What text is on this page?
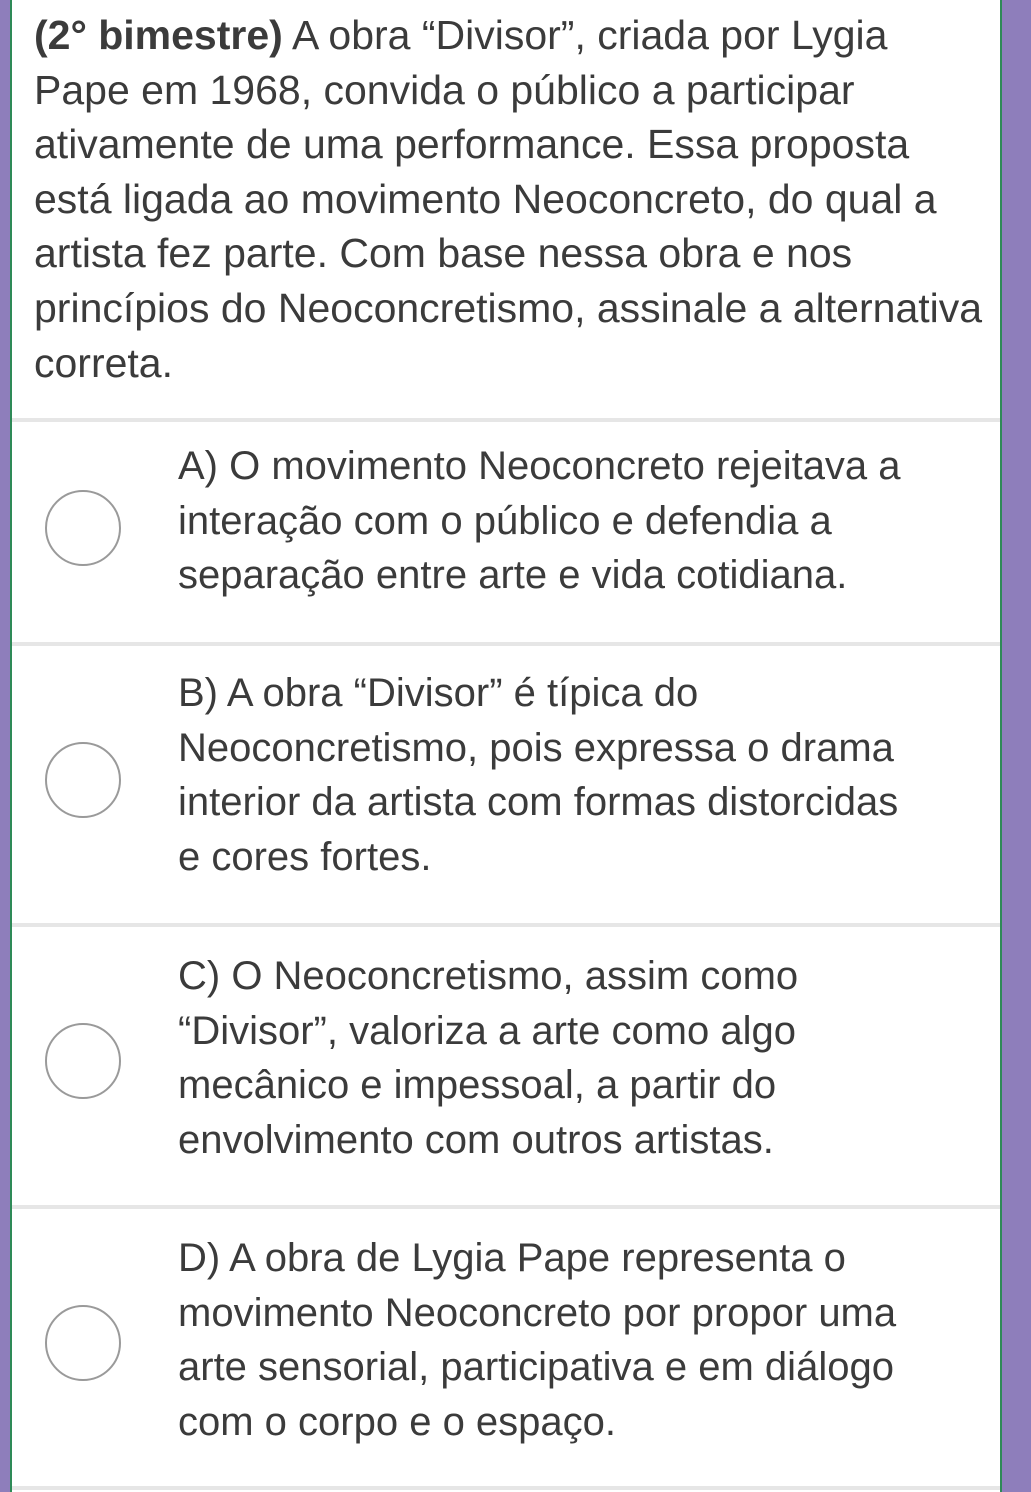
(2° bimestre) A obra “Divisor”, criada por Lygia Pape em 1968, convida o público a participar ativamente de uma performance. Essa proposta está ligada ao movimento Neoconcreto, do qual a artista fez parte. Com base nessa obra e nos princípios do Neoconcretismo, assinale a alternativa correta.
A) O movimento Neoconcreto rejeitava a
interação com o público e defendia a
separação entre arte e vida cotidiana.
B) A obra “Divisor” é típica do
Neoconcretismo, pois expressa o drama
interior da artista com formas distorcidas
e cores fortes.
C) O Neoconcretismo, assim como
“Divisor”, valoriza a arte como algo
mecânico e impessoal, a partir do
envolvimento com outros artistas.
D) A obra de Lygia Pape representa o
movimento Neoconcreto por propor uma
arte sensorial, participativa e em diálogo
com o corpo e o espaço.
